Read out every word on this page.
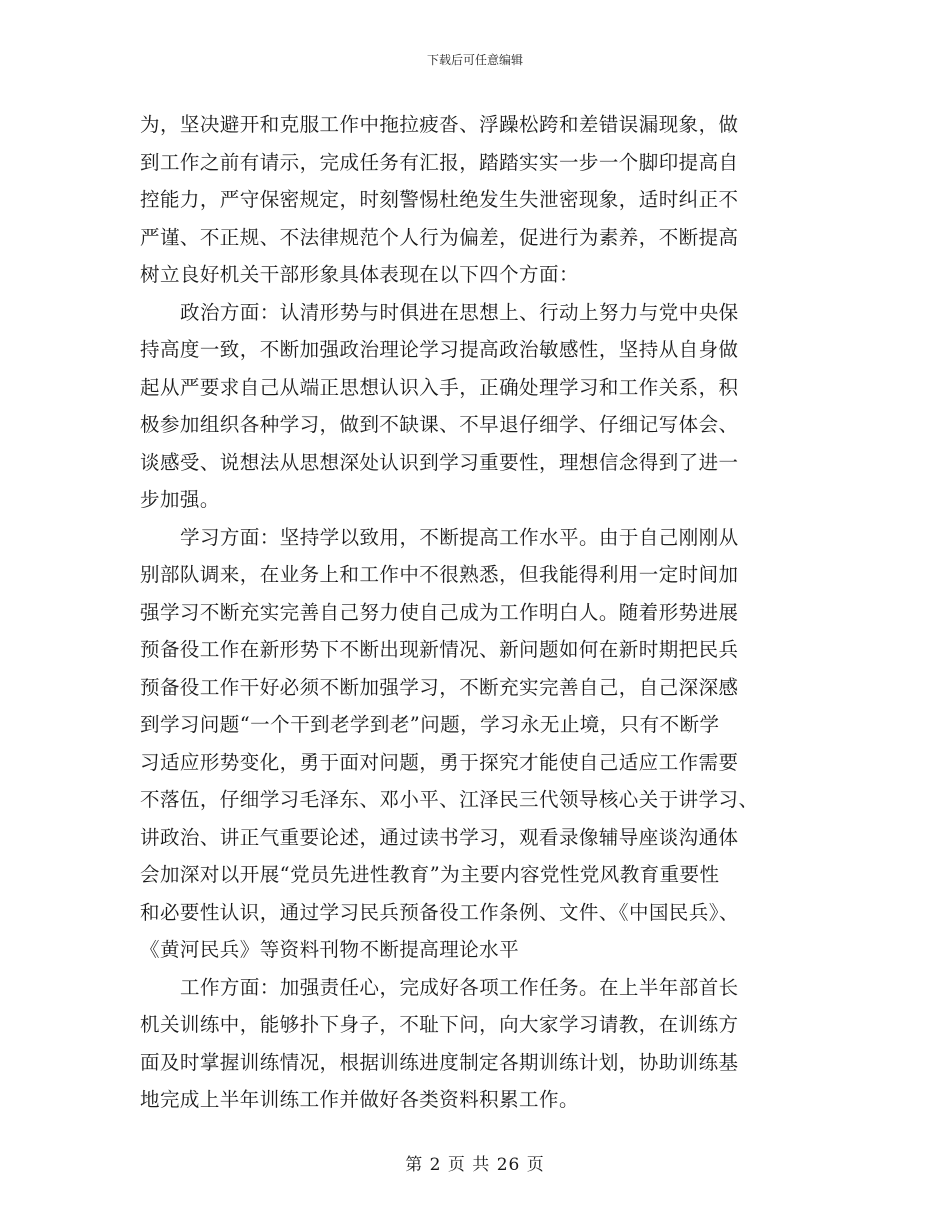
下载后可任意编辑
为，坚决避开和克服工作中拖拉疲沓、浮躁松跨和差错误漏现象，做
到工作之前有请示，完成任务有汇报，踏踏实实一步一个脚印提高自
控能力，严守保密规定，时刻警惕杜绝发生失泄密现象，适时纠正不
严谨、不正规、不法律规范个人行为偏差，促进行为素养，不断提高
树立良好机关干部形象具体表现在以下四个方面：
政治方面：认清形势与时俱进在思想上、行动上努力与党中央保
持高度一致，不断加强政治理论学习提高政治敏感性，坚持从自身做
起从严要求自己从端正思想认识入手，正确处理学习和工作关系，积
极参加组织各种学习，做到不缺课、不早退仔细学、仔细记写体会、
谈感受、说想法从思想深处认识到学习重要性，理想信念得到了进一
步加强。
学习方面：坚持学以致用，不断提高工作水平。由于自己刚刚从
别部队调来，在业务上和工作中不很熟悉，但我能得利用一定时间加
强学习不断充实完善自己努力使自己成为工作明白人。随着形势进展
预备役工作在新形势下不断出现新情况、新问题如何在新时期把民兵
预备役工作干好必须不断加强学习，不断充实完善自己，自己深深感
到学习问题“一个干到老学到老”问题，学习永无止境，只有不断学
习适应形势变化，勇于面对问题，勇于探究才能使自己适应工作需要
不落伍，仔细学习毛泽东、邓小平、江泽民三代领导核心关于讲学习、
讲政治、讲正气重要论述，通过读书学习，观看录像辅导座谈沟通体
会加深对以开展“党员先进性教育”为主要内容党性党风教育重要性
和必要性认识，通过学习民兵预备役工作条例、文件、《中国民兵》、
《黄河民兵》等资料刊物不断提高理论水平
工作方面：加强责任心，完成好各项工作任务。在上半年部首长
机关训练中，能够扑下身子，不耻下问，向大家学习请教，在训练方
面及时掌握训练情况，根据训练进度制定各期训练计划，协助训练基
地完成上半年训练工作并做好各类资料积累工作。
第 2 页 共 26 页
